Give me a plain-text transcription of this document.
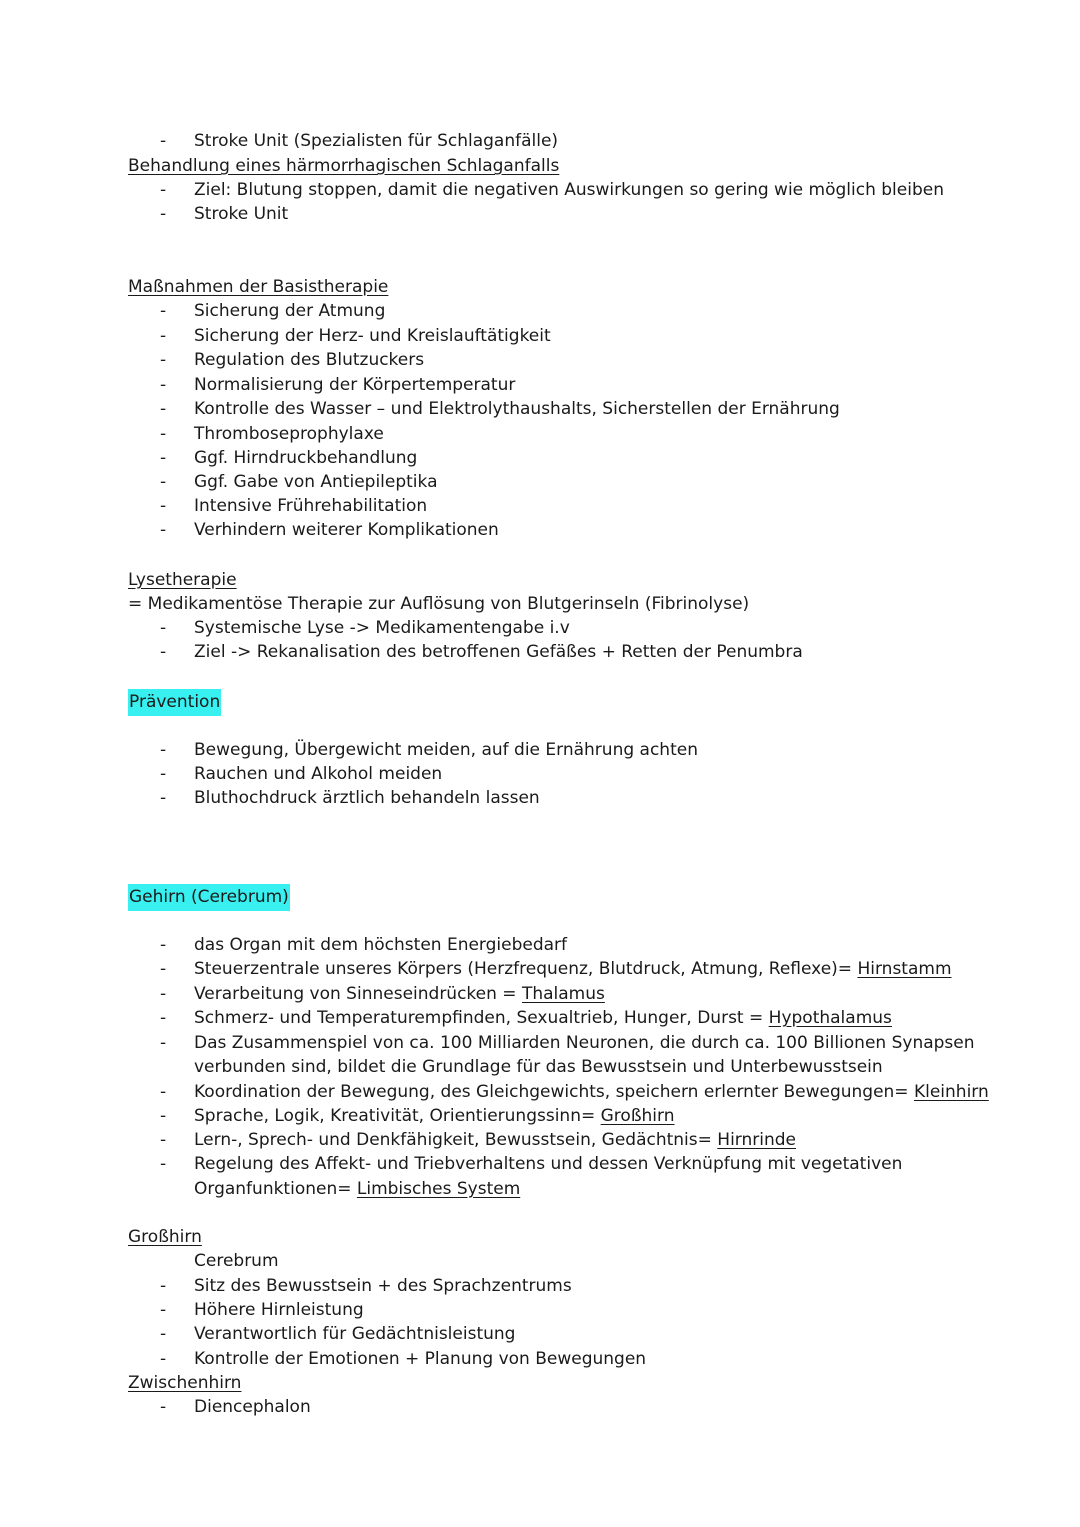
- Stroke Unit (Spezialisten für Schlaganfälle)
Behandlung eines härmorrhagischen Schlaganfalls
- Ziel: Blutung stoppen, damit die negativen Auswirkungen so gering wie möglich bleiben
- Stroke Unit
Maßnahmen der Basistherapie
- Sicherung der Atmung
- Sicherung der Herz- und Kreislauftätigkeit
- Regulation des Blutzuckers
- Normalisierung der Körpertemperatur
- Kontrolle des Wasser – und Elektrolythaushalts, Sicherstellen der Ernährung
- Thromboseprophylaxe
- Ggf. Hirndruckbehandlung
- Ggf. Gabe von Antiepileptika
- Intensive Frührehabilitation
- Verhindern weiterer Komplikationen
Lysetherapie
= Medikamentöse Therapie zur Auflösung von Blutgerinseln (Fibrinolyse)
- Systemische Lyse -> Medikamentengabe i.v
- Ziel -> Rekanalisation des betroffenen Gefäßes + Retten der Penumbra
Prävention
- Bewegung, Übergewicht meiden, auf die Ernährung achten
- Rauchen und Alkohol meiden
- Bluthochdruck ärztlich behandeln lassen
Gehirn (Cerebrum)
- das Organ mit dem höchsten Energiebedarf
- Steuerzentrale unseres Körpers (Herzfrequenz, Blutdruck, Atmung, Reflexe)= Hirnstamm
- Verarbeitung von Sinneseindrücken = Thalamus
- Schmerz- und Temperaturempfinden, Sexualtrieb, Hunger, Durst = Hypothalamus
- Das Zusammenspiel von ca. 100 Milliarden Neuronen, die durch ca. 100 Billionen Synapsen
verbunden sind, bildet die Grundlage für das Bewusstsein und Unterbewusstsein
- Koordination der Bewegung, des Gleichgewichts, speichern erlernter Bewegungen= Kleinhirn
- Sprache, Logik, Kreativität, Orientierungssinn= Großhirn
- Lern-, Sprech- und Denkfähigkeit, Bewusstsein, Gedächtnis= Hirnrinde
- Regelung des Affekt- und Triebverhaltens und dessen Verknüpfung mit vegetativen
Organfunktionen= Limbisches System
Großhirn
Cerebrum
- Sitz des Bewusstsein + des Sprachzentrums
- Höhere Hirnleistung
- Verantwortlich für Gedächtnisleistung
- Kontrolle der Emotionen + Planung von Bewegungen
Zwischenhirn
- Diencephalon
